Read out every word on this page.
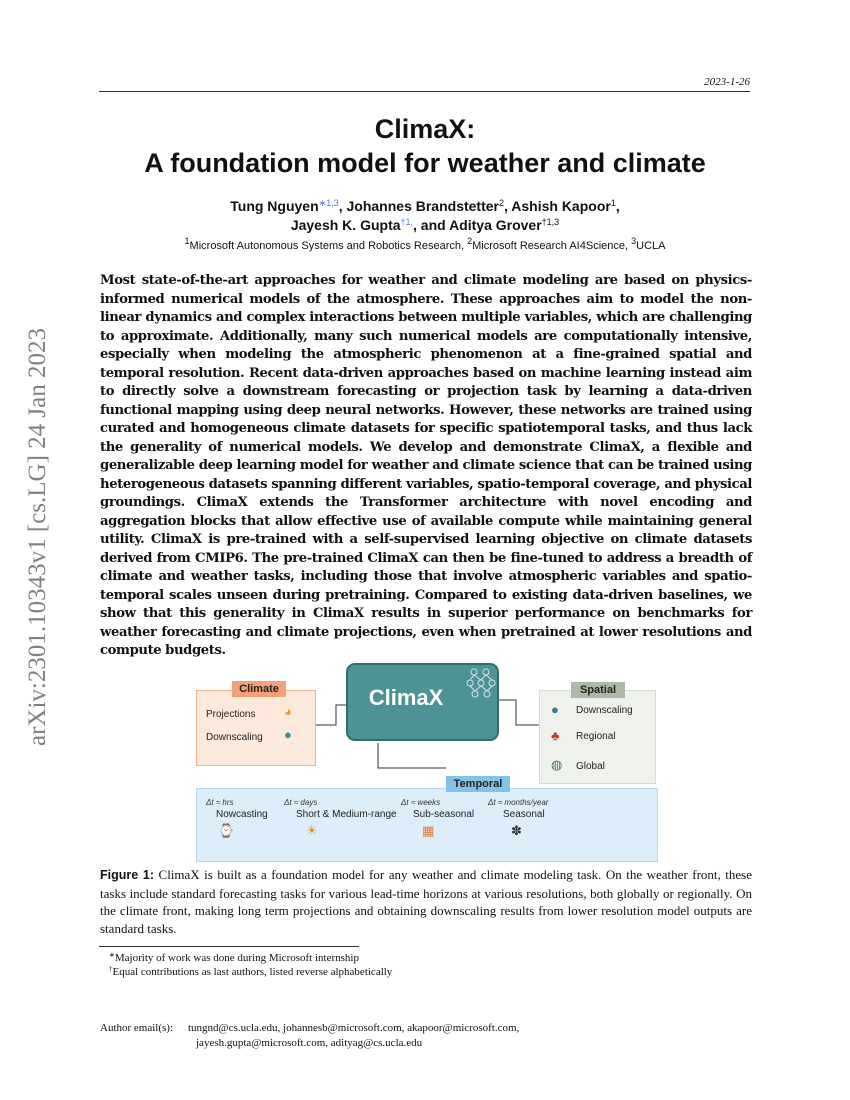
2023-1-26
ClimaX:
A foundation model for weather and climate
Tung Nguyen$^{∗1,3}$, Johannes Brandstetter$^2$, Ashish Kapoor$^1$,
Jayesh K. Gupta$^{\dagger 1,}$, and Aditya Grover$^{\dagger 1,3}$
$^1$Microsoft Autonomous Systems and Robotics Research, $^2$Microsoft Research AI4Science, $^3$UCLA
arXiv:2301.10343v1 [cs.LG] 24 Jan 2023
Most state-of-the-art approaches for weather and climate modeling are based on physics-informed numerical models of the atmosphere. These approaches aim to model the non-linear dynamics and complex interactions between multiple variables, which are challenging to approximate. Additionally, many such numerical models are computationally intensive, especially when modeling the atmospheric phenomenon at a fine-grained spatial and temporal resolution. Recent data-driven approaches based on machine learning instead aim to directly solve a downstream forecasting or projection task by learning a data-driven functional mapping using deep neural networks. However, these networks are trained using curated and homogeneous climate datasets for specific spatiotemporal tasks, and thus lack the generality of numerical models. We develop and demonstrate ClimaX, a flexible and generalizable deep learning model for weather and climate science that can be trained using heterogeneous datasets spanning different variables, spatio-temporal coverage, and physical groundings. ClimaX extends the Transformer architecture with novel encoding and aggregation blocks that allow effective use of available compute while maintaining general utility. ClimaX is pre-trained with a self-supervised learning objective on climate datasets derived from CMIP6. The pre-trained ClimaX can then be fine-tuned to address a breadth of climate and weather tasks, including those that involve atmospheric variables and spatio-temporal scales unseen during pretraining. Compared to existing data-driven baselines, we show that this generality in ClimaX results in superior performance on benchmarks for weather forecasting and climate projections, even when pretrained at lower resolutions and compute budgets.
ClimaX
Climate	Spatial
Temporal
Projections ◕
Downscaling ●
● Downscaling
♣ Regional
◍ Global
Δt ≈ hrs
Nowcasting
⌚
Δt ≈ days
Short & Medium-range
☀
Δt ≈ weeks
Sub-seasonal
▦
Δt ≈ months/year
Seasonal
✽
Figure 1: ClimaX is built as a foundation model for any weather and climate modeling task. On the weather front, these tasks include standard forecasting tasks for various lead-time horizons at various resolutions, both globally or regionally. On the climate front, making long term projections and obtaining downscaling results from lower resolution model outputs are standard tasks.
∗Majority of work was done during Microsoft internship
†Equal contributions as last authors, listed reverse alphabetically
Author email(s): tungnd@cs.ucla.edu, johannesb@microsoft.com, akapoor@microsoft.com,
jayesh.gupta@microsoft.com, adityag@cs.ucla.edu
